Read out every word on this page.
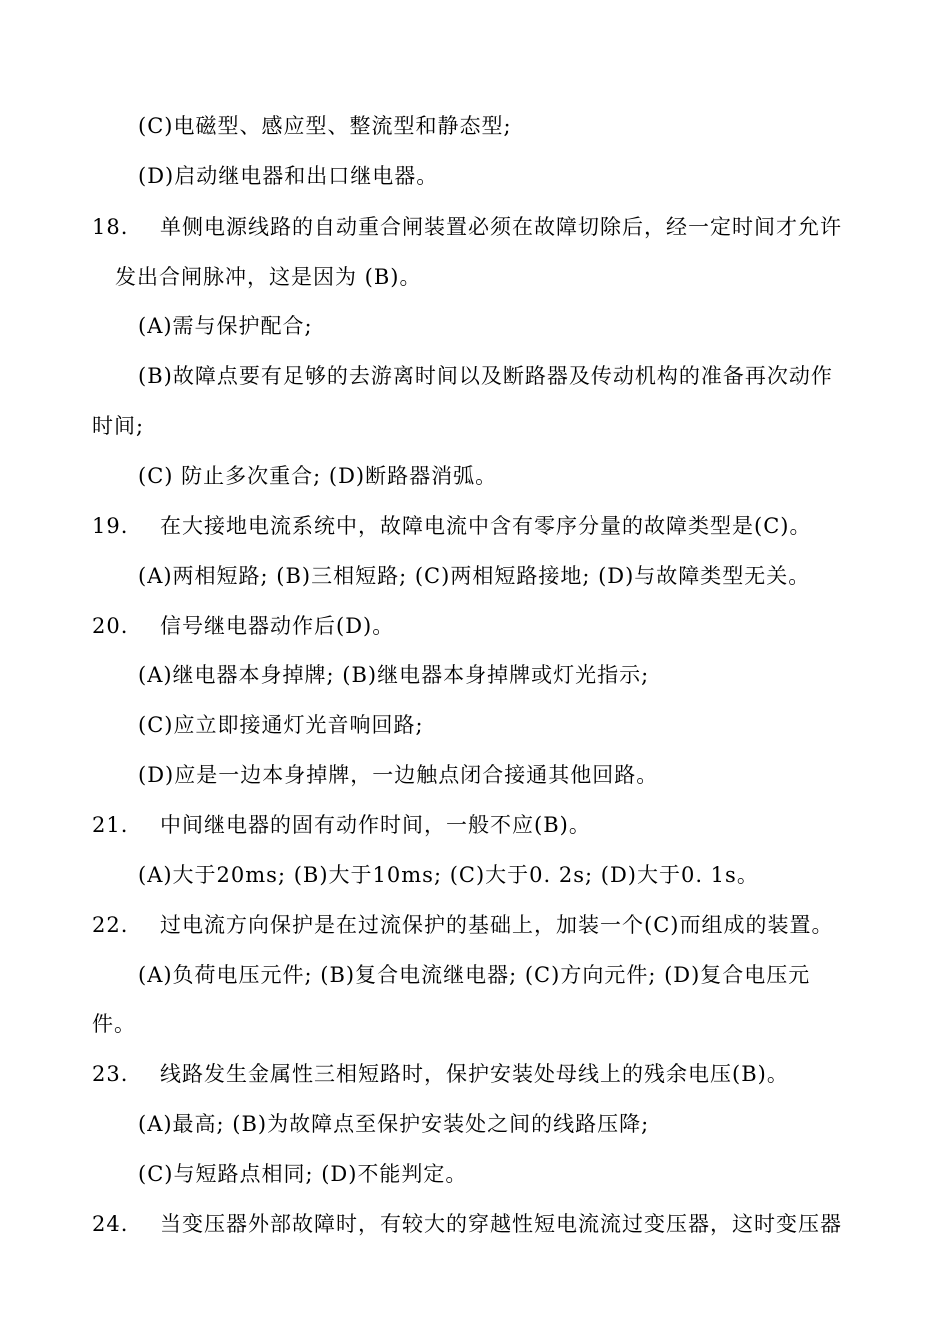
(C)电磁型、感应型、整流型和静态型;
(D)启动继电器和出口继电器。
18. 单侧电源线路的自动重合闸装置必须在故障切除后，经一定时间才允许
发出合闸脉冲，这是因为 (B)。
(A)需与保护配合;
(B)故障点要有足够的去游离时间以及断路器及传动机构的准备再次动作
时间;
(C) 防止多次重合; (D)断路器消弧。
19. 在大接地电流系统中，故障电流中含有零序分量的故障类型是(C)。
(A)两相短路; (B)三相短路; (C)两相短路接地; (D)与故障类型无关。
20. 信号继电器动作后(D)。
(A)继电器本身掉牌; (B)继电器本身掉牌或灯光指示;
(C)应立即接通灯光音响回路;
(D)应是一边本身掉牌，一边触点闭合接通其他回路。
21. 中间继电器的固有动作时间，一般不应(B)。
(A)大于20ms; (B)大于10ms; (C)大于0. 2s; (D)大于0. 1s。
22. 过电流方向保护是在过流保护的基础上，加装一个(C)而组成的装置。
(A)负荷电压元件; (B)复合电流继电器; (C)方向元件; (D)复合电压元
件。
23. 线路发生金属性三相短路时，保护安装处母线上的残余电压(B)。
(A)最高; (B)为故障点至保护安装处之间的线路压降;
(C)与短路点相同; (D)不能判定。
24. 当变压器外部故障时，有较大的穿越性短电流流过变压器，这时变压器
